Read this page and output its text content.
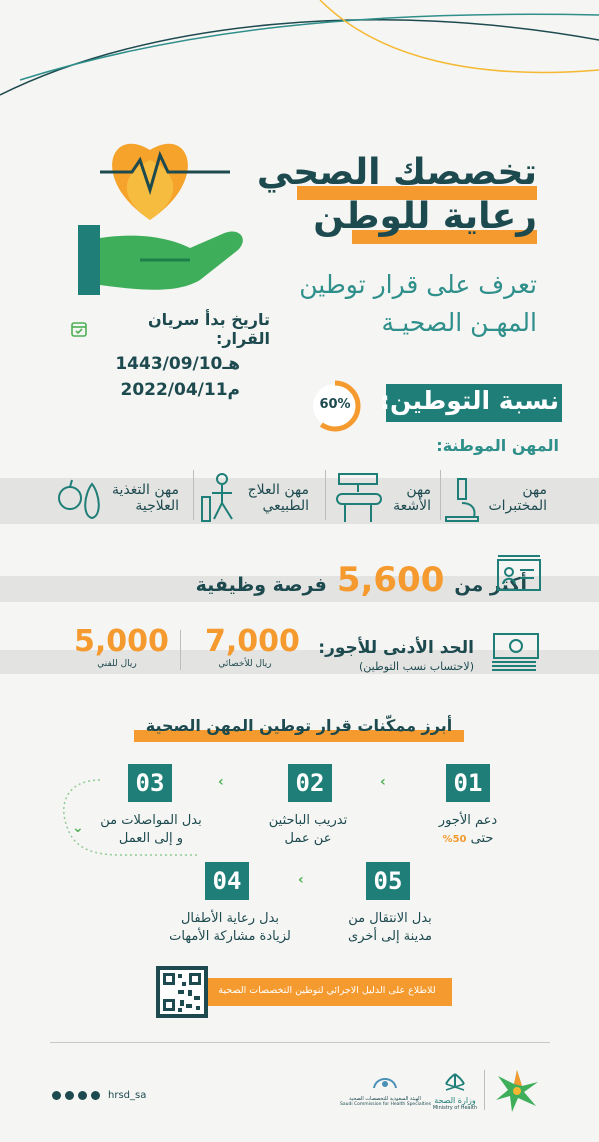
تخصصك الصحي
رعاية للوطن
تعرف على قرار توطين
المهـن الصحيـة
تاريخ بدأ سريان القرار:
1443/09/10هـ
2022/04/11م	نسبة التوطين:
60%
المهن الموطنة:
مهن
المختبرات
مهن
الأشعة
مهن العلاج
الطبيعي
مهن التغذية
العلاجية
أكثر من
5,600
فرصة وظيفية
الحد الأدنى للأجور:
(لاحتساب نسب التوطين)
7,000
ريال للأخصائي
5,000
ريال للفني
أبرز ممكّنات قرار توطين المهن الصحية
01
02
03	‹
‹
⌄	دعم الأجور
حتى 50%
تدريب الباحثين
عن عمل
بدل المواصلات من
و إلى العمل
04	05
‹
بدل رعاية الأطفال
لزيادة مشاركة الأمهات
بدل الانتقال من
مدينة إلى أخرى
للاطلاع على الدليل الاجرائي لتوطين التخصصات الصحية
hrsd_sa	الهيئة السعودية للتخصصات الصحية
Saudi Commission for Health Specialties وزارة الصحة
Ministry of Health
